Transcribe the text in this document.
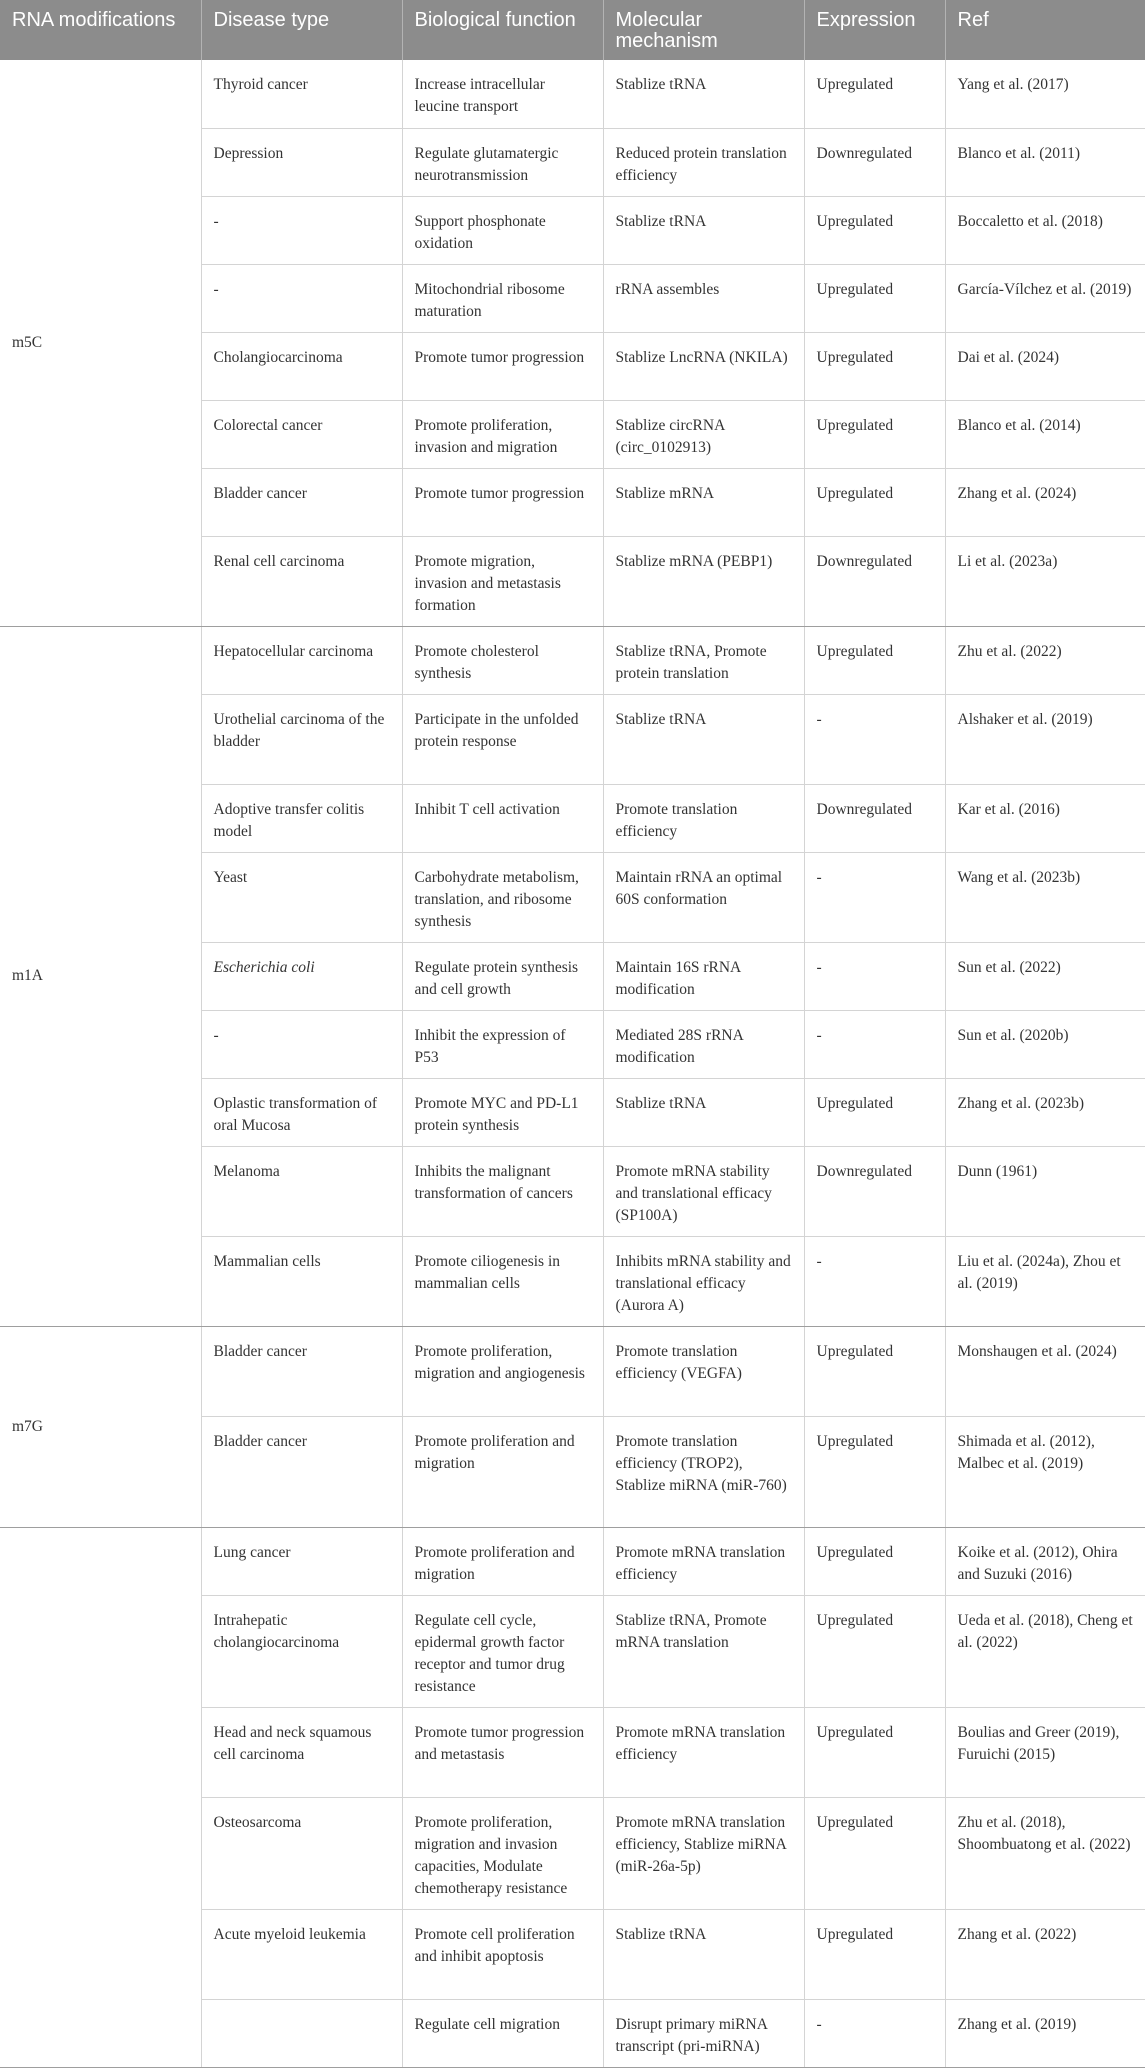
RNA modifications	Disease type	Biological function	Molecular mechanism	Expression	Ref
m5C	Thyroid cancer	Increase intracellular leucine transport	Stablize tRNA	Upregulated	Yang et al. (2017)
	Depression	Regulate glutamatergic neurotransmission	Reduced protein translation efficiency	Downregulated	Blanco et al. (2011)
	-	Support phosphonate oxidation	Stablize tRNA	Upregulated	Boccaletto et al. (2018)
	-	Mitochondrial ribosome maturation	rRNA assembles	Upregulated	García-Vílchez et al. (2019)
	Cholangiocarcinoma	Promote tumor progression	Stablize LncRNA (NKILA)	Upregulated	Dai et al. (2024)
	Colorectal cancer	Promote proliferation, invasion and migration	Stablize circRNA (circ_0102913)	Upregulated	Blanco et al. (2014)
	Bladder cancer	Promote tumor progression	Stablize mRNA	Upregulated	Zhang et al. (2024)
	Renal cell carcinoma	Promote migration, invasion and metastasis formation	Stablize mRNA (PEBP1)	Downregulated	Li et al. (2023a)
m1A	Hepatocellular carcinoma	Promote cholesterol synthesis	Stablize tRNA, Promote protein translation	Upregulated	Zhu et al. (2022)
	Urothelial carcinoma of the bladder	Participate in the unfolded protein response	Stablize tRNA	-	Alshaker et al. (2019)
	Adoptive transfer colitis model	Inhibit T cell activation	Promote translation efficiency	Downregulated	Kar et al. (2016)
	Yeast	Carbohydrate metabolism, translation, and ribosome synthesis	Maintain rRNA an optimal 60S conformation	-	Wang et al. (2023b)
	Escherichia coli	Regulate protein synthesis and cell growth	Maintain 16S rRNA modification	-	Sun et al. (2022)
	-	Inhibit the expression of P53	Mediated 28S rRNA modification	-	Sun et al. (2020b)
	Oplastic transformation of oral Mucosa	Promote MYC and PD-L1 protein synthesis	Stablize tRNA	Upregulated	Zhang et al. (2023b)
	Melanoma	Inhibits the malignant transformation of cancers	Promote mRNA stability and translational efficacy (SP100A)	Downregulated	Dunn (1961)
	Mammalian cells	Promote ciliogenesis in mammalian cells	Inhibits mRNA stability and translational efficacy (Aurora A)	-	Liu et al. (2024a), Zhou et al. (2019)
m7G	Bladder cancer	Promote proliferation, migration and angiogenesis	Promote translation efficiency (VEGFA)	Upregulated	Monshaugen et al. (2024)
	Bladder cancer	Promote proliferation and migration	Promote translation efficiency (TROP2), Stablize miRNA (miR-760)	Upregulated	Shimada et al. (2012), Malbec et al. (2019)
	Lung cancer	Promote proliferation and migration	Promote mRNA translation efficiency	Upregulated	Koike et al. (2012), Ohira and Suzuki (2016)
	Intrahepatic cholangiocarcinoma	Regulate cell cycle, epidermal growth factor receptor and tumor drug resistance	Stablize tRNA, Promote mRNA translation	Upregulated	Ueda et al. (2018), Cheng et al. (2022)
	Head and neck squamous cell carcinoma	Promote tumor progression and metastasis	Promote mRNA translation efficiency	Upregulated	Boulias and Greer (2019), Furuichi (2015)
	Osteosarcoma	Promote proliferation, migration and invasion capacities, Modulate chemotherapy resistance	Promote mRNA translation efficiency, Stablize miRNA (miR-26a-5p)	Upregulated	Zhu et al. (2018), Shoombuatong et al. (2022)
	Acute myeloid leukemia	Promote cell proliferation and inhibit apoptosis	Stablize tRNA	Upregulated	Zhang et al. (2022)
		Regulate cell migration	Disrupt primary miRNA transcript (pri-miRNA)	-	Zhang et al. (2019)
